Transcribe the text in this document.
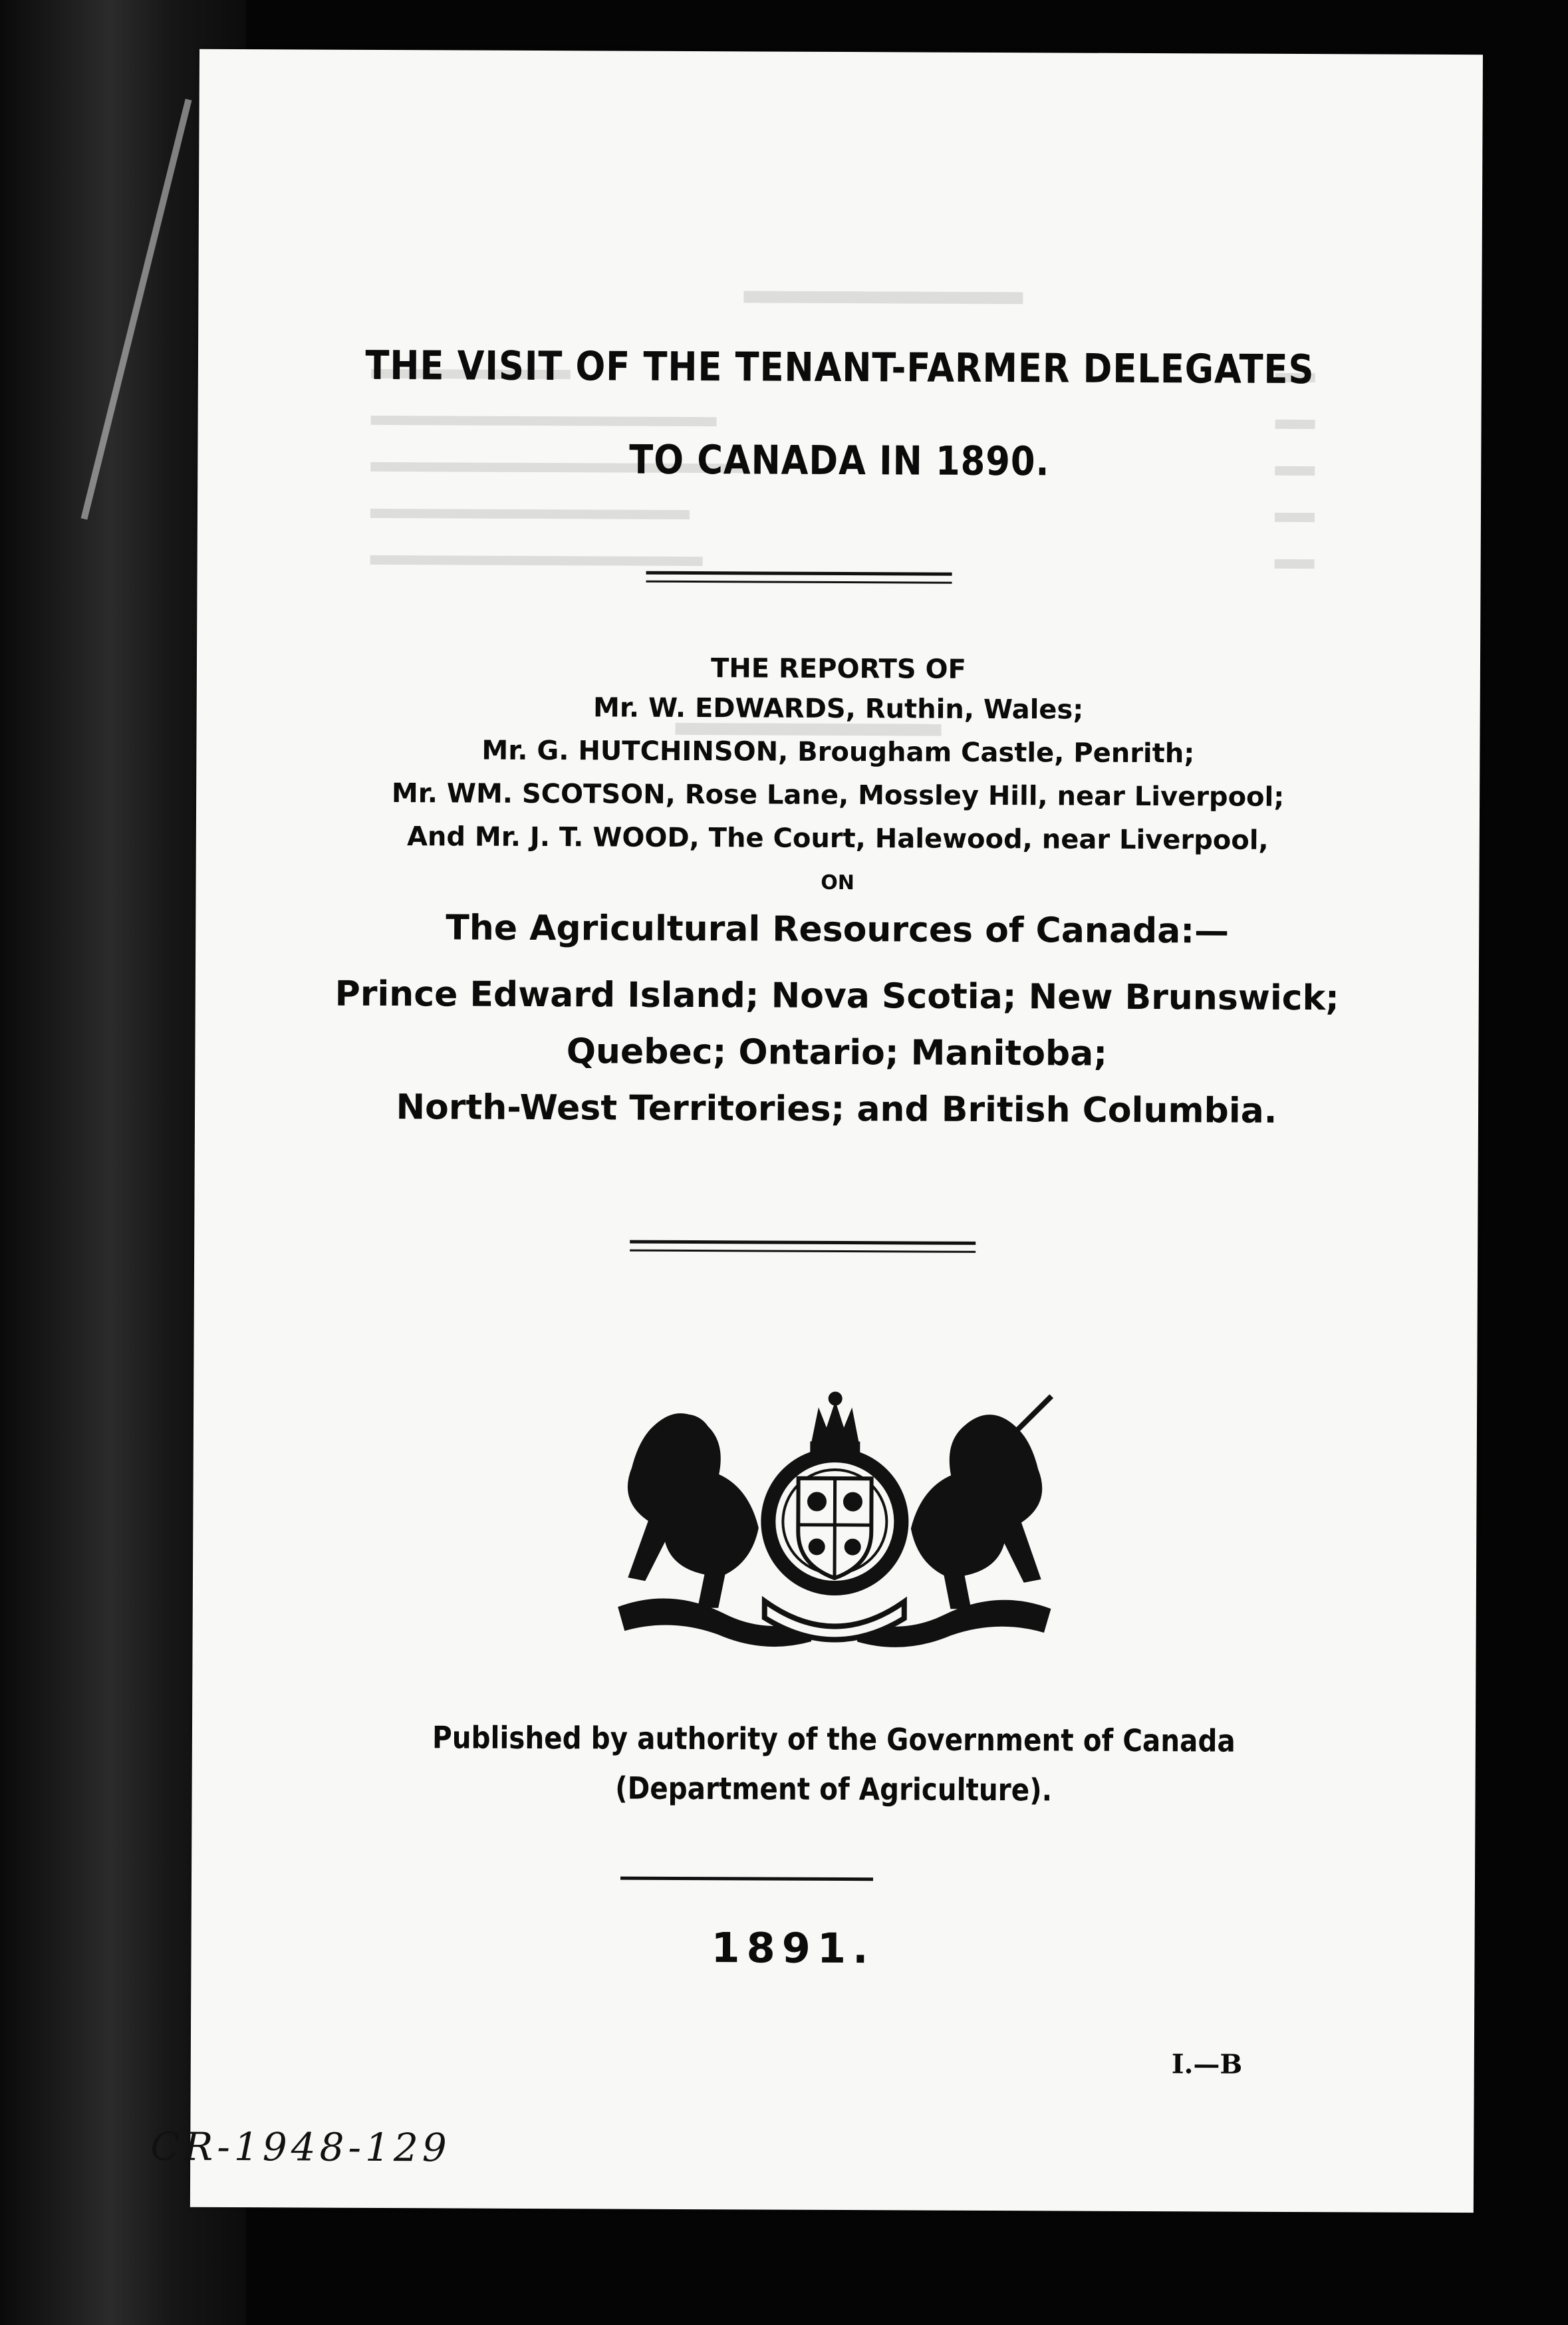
THE VISIT OF THE TENANT-FARMER DELEGATES
TO CANADA IN 1890.
THE REPORTS OF
Mr. W. EDWARDS, Ruthin, Wales;
Mr. G. HUTCHINSON, Brougham Castle, Penrith;
Mr. WM. SCOTSON, Rose Lane, Mossley Hill, near Liverpool;
And Mr. J. T. WOOD, The Court, Halewood, near Liverpool,
ON
The Agricultural Resources of Canada:—
Prince Edward Island; Nova Scotia; New Brunswick;
Quebec; Ontario; Manitoba;
North-West Territories; and British Columbia.
Published by authority of the Government of Canada
(Department of Agriculture).
1891.
I.—B
CR-1948-129
